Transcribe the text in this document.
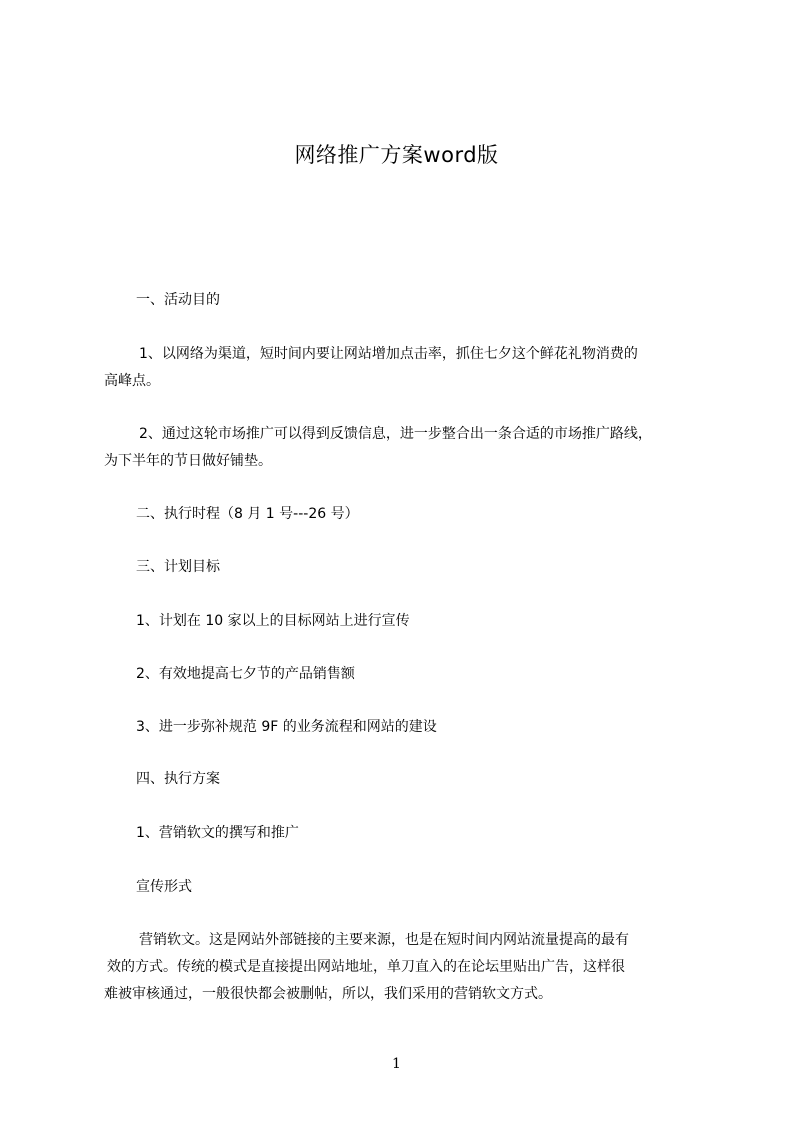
网络推广方案word版
一、活动目的
1、以网络为渠道，短时间内要让网站增加点击率，抓住七夕这个鲜花礼物消费的
高峰点。
2、通过这轮市场推广可以得到反馈信息，进一步整合出一条合适的市场推广路线，
为下半年的节日做好铺垫。
二、执行时程（8 月 1 号---26 号）
三、计划目标
1、计划在 10 家以上的目标网站上进行宣传
2、有效地提高七夕节的产品销售额
3、进一步弥补规范 9F 的业务流程和网站的建设
四、执行方案
1、营销软文的撰写和推广
宣传形式
营销软文。这是网站外部链接的主要来源，也是在短时间内网站流量提高的最有
效的方式。传统的模式是直接提出网站地址，单刀直入的在论坛里贴出广告，这样很
难被审核通过，一般很快都会被删帖，所以，我们采用的营销软文方式。
1
